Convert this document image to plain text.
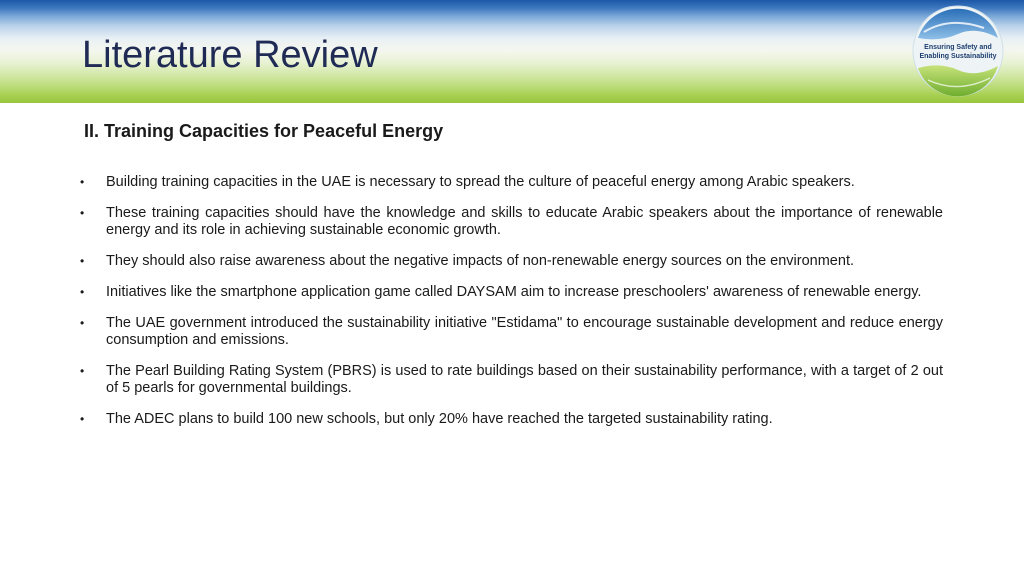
Literature Review	Ensuring Safety and
Enabling Sustainability
II. Training Capacities for Peaceful Energy
•	Building training capacities in the UAE is necessary to spread the culture of peaceful energy among Arabic speakers.
•	These training capacities should have the knowledge and skills to educate Arabic speakers about the importance of renewable energy and its role in achieving sustainable economic growth.
•	They should also raise awareness about the negative impacts of non-renewable energy sources on the environment.
•	Initiatives like the smartphone application game called DAYSAM aim to increase preschoolers' awareness of renewable energy.
•	The UAE government introduced the sustainability initiative "Estidama" to encourage sustainable development and reduce energy consumption and emissions.
•	The Pearl Building Rating System (PBRS) is used to rate buildings based on their sustainability performance, with a target of 2 out of 5 pearls for governmental buildings.
•	The ADEC plans to build 100 new schools, but only 20% have reached the targeted sustainability rating.
